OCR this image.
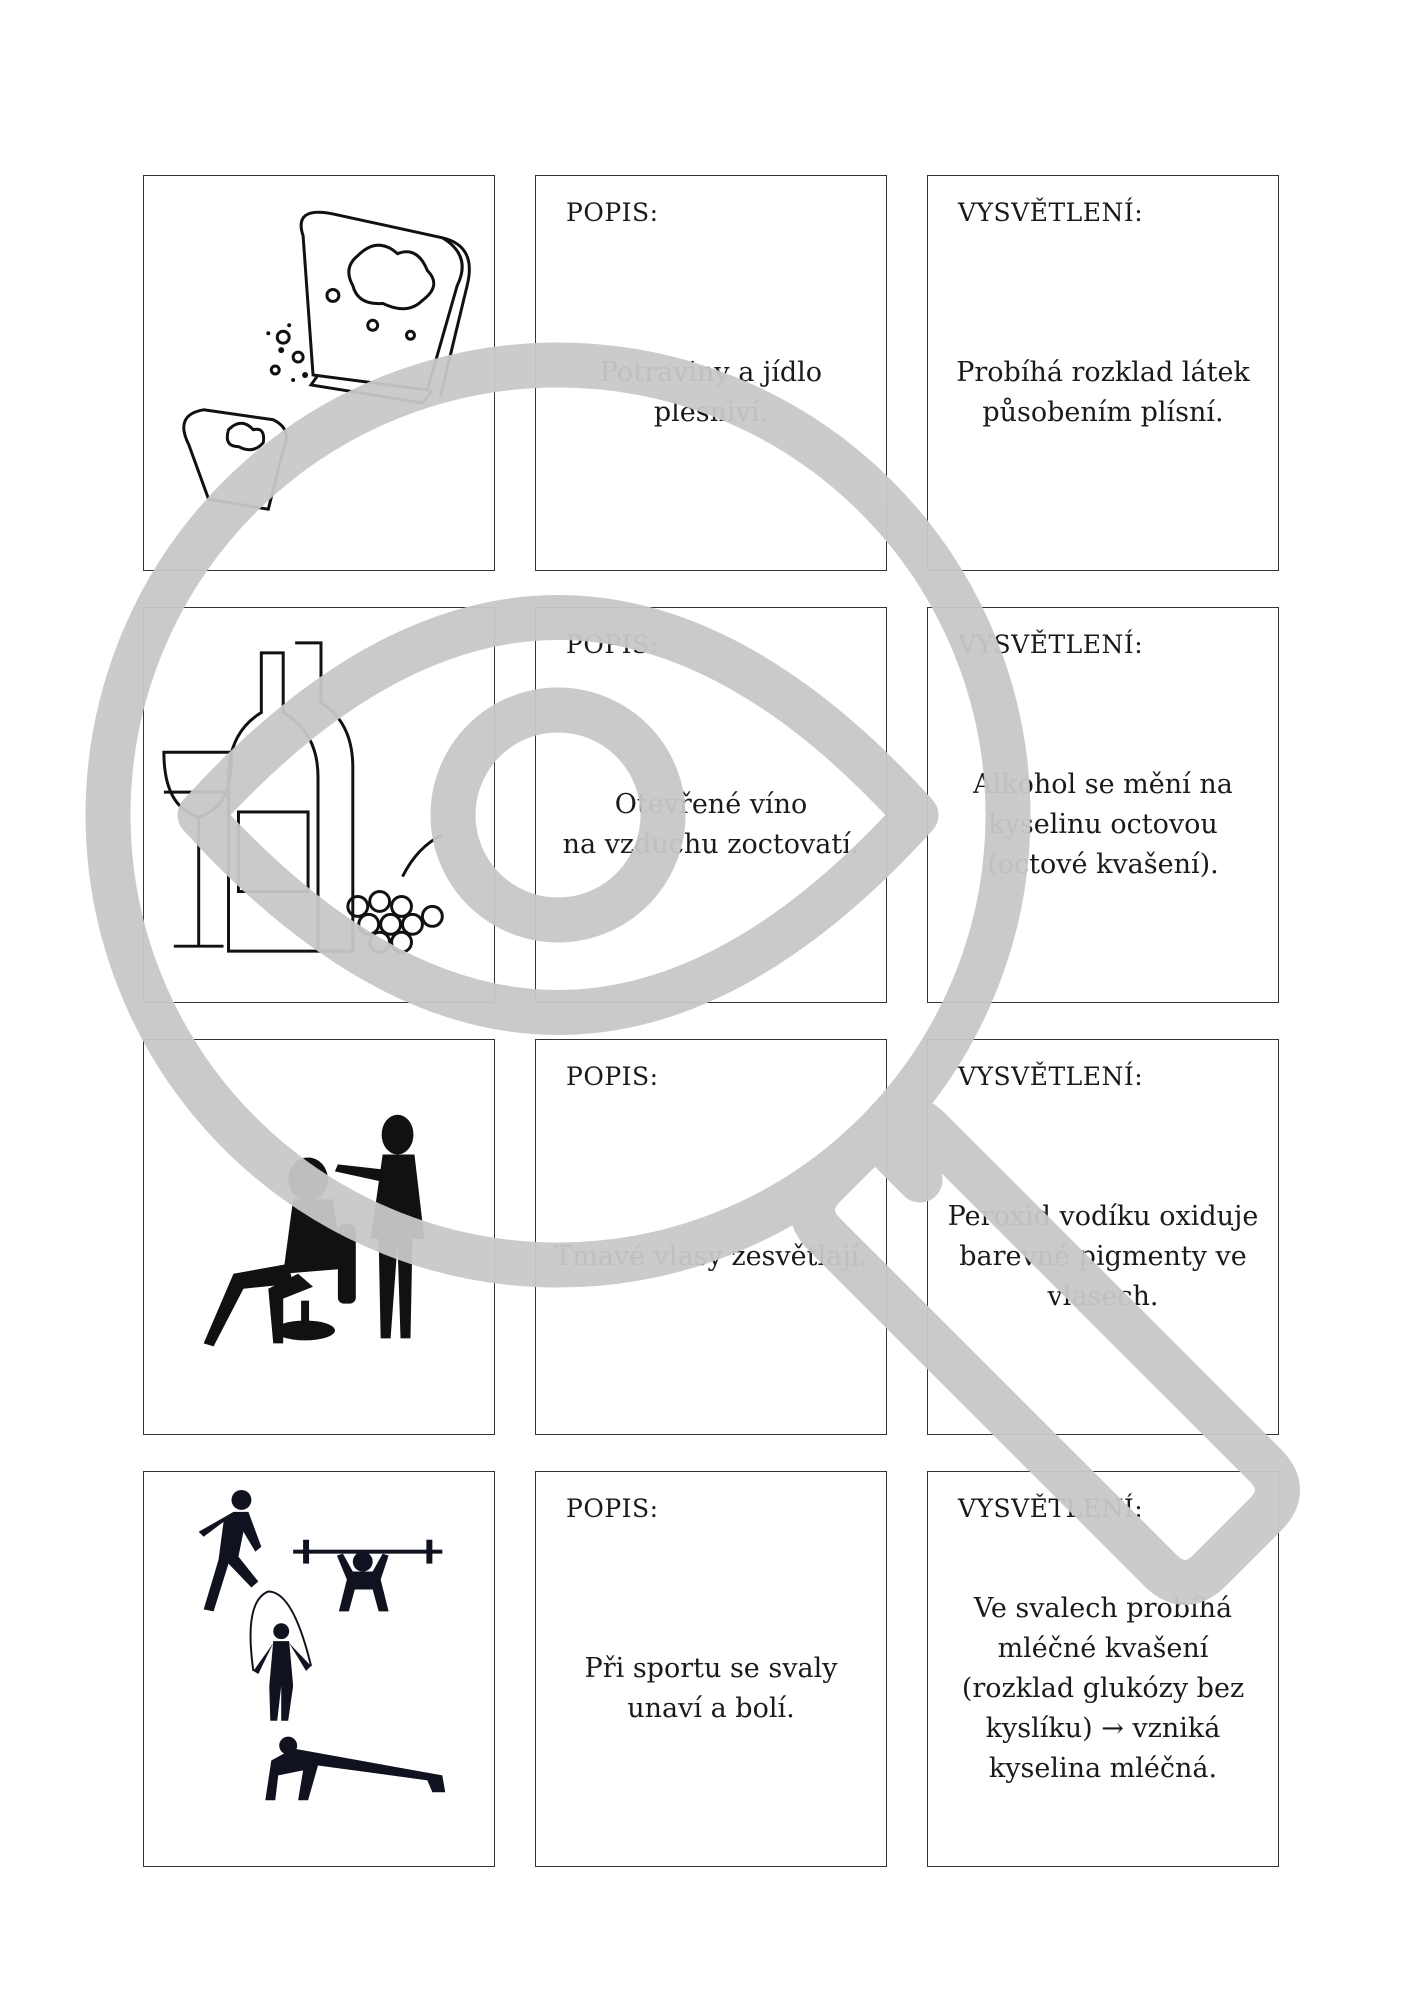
POPIS:
Potraviny a jídlo
plesniví.
VYSVĚTLENÍ:
Probíhá rozklad látek
působením plísní.
POPIS:
Otevřené víno
na vzduchu zoctovatí.
VYSVĚTLENÍ:
Alkohol se mění na
kyselinu octovou
(octové kvašení).
POPIS:
Tmavé vlasy zesvětlají.
VYSVĚTLENÍ:
Peroxid vodíku oxiduje
barevné pigmenty ve
vlasech.
POPIS:
Při sportu se svaly
unaví a bolí.
VYSVĚTLENÍ:
Ve svalech probíhá
mléčné kvašení
(rozklad glukózy bez
kyslíku) → vzniká
kyselina mléčná.
